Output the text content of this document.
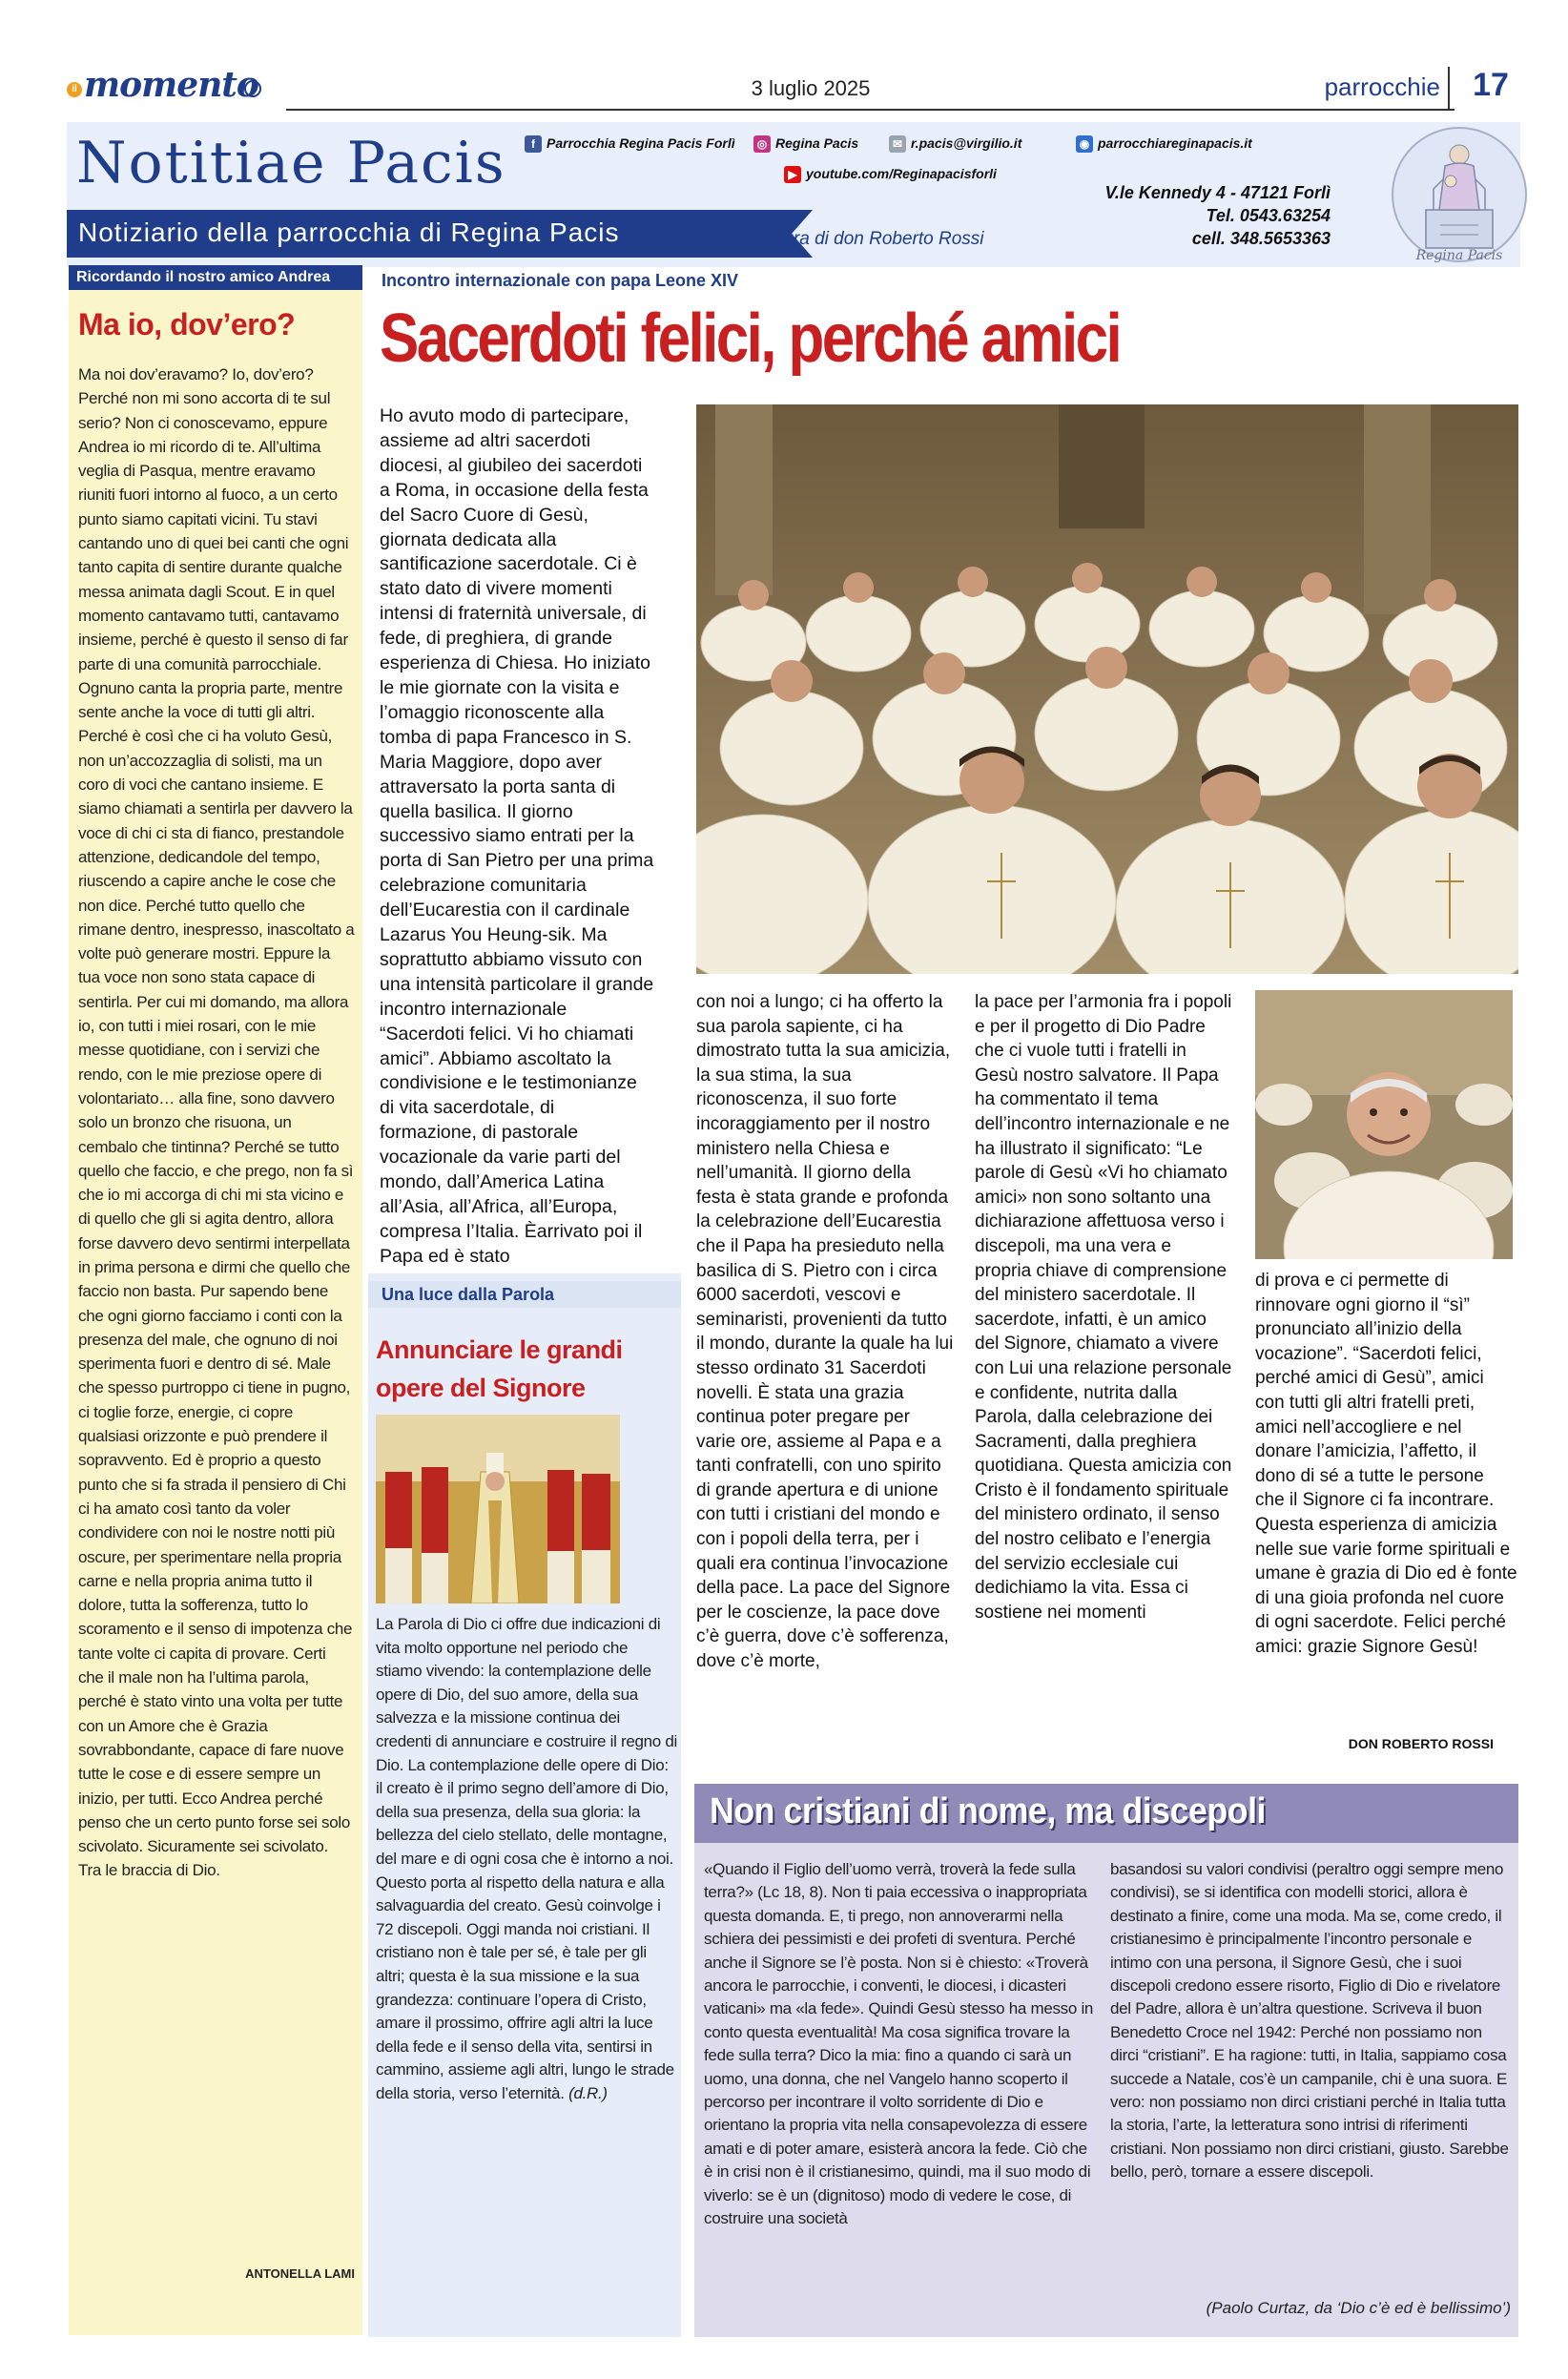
il momento	3 luglio 2025	parrocchie	17
Notitiae Pacis
Notiziario della parrocchia di Regina Pacis	a cura di don Roberto Rossi
f Parrocchia Regina Pacis Forlì	◎ Regina Pacis	✉ r.pacis@virgilio.it	◉ parrocchiareginapacis.it
▶ youtube.com/Reginapacisforli
V.le Kennedy 4 - 47121 Forlì
Tel. 0543.63254
cell. 348.5653363
Regina Pacis
Ricordando il nostro amico Andrea
Ma io, dov’ero?

Ma noi dov’eravamo? Io, dov’ero? Perché non mi sono accorta di te sul serio? Non ci conoscevamo, eppure Andrea io mi ricordo di te. All’ultima veglia di Pasqua, mentre eravamo riuniti fuori intorno al fuoco, a un certo punto siamo capitati vicini. Tu stavi cantando uno di quei bei canti che ogni tanto capita di sentire durante qualche messa animata dagli Scout. E in quel momento cantavamo tutti, cantavamo insieme, perché è questo il senso di far parte di una comunità parrocchiale. Ognuno canta la propria parte, mentre sente anche la voce di tutti gli altri. Perché è così che ci ha voluto Gesù, non un’accozzaglia di solisti, ma un coro di voci che cantano insieme. E siamo chiamati a sentirla per davvero la voce di chi ci sta di fianco, prestandole attenzione, dedicandole del tempo, riuscendo a capire anche le cose che non dice. Perché tutto quello che rimane dentro, inespresso, inascoltato a volte può generare mostri. Eppure la tua voce non sono stata capace di sentirla. Per cui mi domando, ma allora io, con tutti i miei rosari, con le mie messe quotidiane, con i servizi che rendo, con le mie preziose opere di volontariato… alla fine, sono davvero solo un bronzo che risuona, un cembalo che tintinna? Perché se tutto quello che faccio, e che prego, non fa sì che io mi accorga di chi mi sta vicino e di quello che gli si agita dentro, allora forse davvero devo sentirmi interpellata in prima persona e dirmi che quello che faccio non basta. Pur sapendo bene che ogni giorno facciamo i conti con la presenza del male, che ognuno di noi sperimenta fuori e dentro di sé. Male che spesso purtroppo ci tiene in pugno, ci toglie forze, energie, ci copre qualsiasi orizzonte e può prendere il sopravvento. Ed è proprio a questo punto che si fa strada il pensiero di Chi ci ha amato così tanto da voler condividere con noi le nostre notti più oscure, per sperimentare nella propria carne e nella propria anima tutto il dolore, tutta la sofferenza, tutto lo scoramento e il senso di impotenza che tante volte ci capita di provare. Certi che il male non ha l’ultima parola, perché è stato vinto una volta per tutte con un Amore che è Grazia sovrabbondante, capace di fare nuove tutte le cose e di essere sempre un inizio, per tutti. Ecco Andrea perché penso che un certo punto forse sei solo scivolato. Sicuramente sei scivolato. Tra le braccia di Dio.

ANTONELLA LAMI
Incontro internazionale con papa Leone XIV
Sacerdoti felici, perché amici

Ho avuto modo di partecipare, assieme ad altri sacerdoti diocesi, al giubileo dei sacerdoti a Roma, in occasione della festa del Sacro Cuore di Gesù, giornata dedicata alla santificazione sacerdotale. Ci è stato dato di vivere momenti intensi di fraternità universale, di fede, di preghiera, di grande esperienza di Chiesa. Ho iniziato le mie giornate con la visita e l’omaggio riconoscente alla tomba di papa Francesco in S. Maria Maggiore, dopo aver attraversato la porta santa di quella basilica. Il giorno successivo siamo entrati per la porta di San Pietro per una prima celebrazione comunitaria dell’Eucarestia con il cardinale Lazarus You Heung-sik. Ma soprattutto abbiamo vissuto con una intensità particolare il grande incontro internazionale “Sacerdoti felici. Vi ho chiamati amici”. Abbiamo ascoltato la condivisione e le testimonianze di vita sacerdotale, di formazione, di pastorale vocazionale da varie parti del mondo, dall’America Latina all’Asia, all’Africa, all’Europa, compresa l’Italia. Èarrivato poi il Papa ed è stato

con noi a lungo; ci ha offerto la sua parola sapiente, ci ha dimostrato tutta la sua amicizia, la sua stima, la sua riconoscenza, il suo forte incoraggiamento per il nostro ministero nella Chiesa e nell’umanità. Il giorno della festa è stata grande e profonda la celebrazione dell’Eucarestia che il Papa ha presieduto nella basilica di S. Pietro con i circa 6000 sacerdoti, vescovi e seminaristi, provenienti da tutto il mondo, durante la quale ha lui stesso ordinato 31 Sacerdoti novelli. È stata una grazia continua poter pregare per varie ore, assieme al Papa e a tanti confratelli, con uno spirito di grande apertura e di unione con tutti i cristiani del mondo e con i popoli della terra, per i quali era continua l’invocazione della pace. La pace del Signore per le coscienze, la pace dove c’è guerra, dove c’è sofferenza, dove c’è morte,

la pace per l’armonia fra i popoli e per il progetto di Dio Padre che ci vuole tutti i fratelli in Gesù nostro salvatore. Il Papa ha commentato il tema dell’incontro internazionale e ne ha illustrato il significato: “Le parole di Gesù «Vi ho chiamato amici» non sono soltanto una dichiarazione affettuosa verso i discepoli, ma una vera e propria chiave di comprensione del ministero sacerdotale. Il sacerdote, infatti, è un amico del Signore, chiamato a vivere con Lui una relazione personale e confidente, nutrita dalla Parola, dalla celebrazione dei Sacramenti, dalla preghiera quotidiana. Questa amicizia con Cristo è il fondamento spirituale del ministero ordinato, il senso del nostro celibato e l’energia del servizio ecclesiale cui dedichiamo la vita. Essa ci sostiene nei momenti

di prova e ci permette di rinnovare ogni giorno il “sì” pronunciato all’inizio della vocazione”. “Sacerdoti felici, perché amici di Gesù”, amici con tutti gli altri fratelli preti, amici nell’accogliere e nel donare l’amicizia, l’affetto, il dono di sé a tutte le persone che il Signore ci fa incontrare. Questa esperienza di amicizia nelle sue varie forme spirituali e umane è grazia di Dio ed è fonte di una gioia profonda nel cuore di ogni sacerdote. Felici perché amici: grazie Signore Gesù!

DON ROBERTO ROSSI
Una luce dalla Parola
Annunciare le grandi opere del Signore

La Parola di Dio ci offre due indicazioni di vita molto opportune nel periodo che stiamo vivendo: la contemplazione delle opere di Dio, del suo amore, della sua salvezza e la missione continua dei credenti di annunciare e costruire il regno di Dio. La contemplazione delle opere di Dio: il creato è il primo segno dell’amore di Dio, della sua presenza, della sua gloria: la bellezza del cielo stellato, delle montagne, del mare e di ogni cosa che è intorno a noi. Questo porta al rispetto della natura e alla salvaguardia del creato. Gesù coinvolge i 72 discepoli. Oggi manda noi cristiani. Il cristiano non è tale per sé, è tale per gli altri; questa è la sua missione e la sua grandezza: continuare l’opera di Cristo, amare il prossimo, offrire agli altri la luce della fede e il senso della vita, sentirsi in cammino, assieme agli altri, lungo le strade della storia, verso l’eternità. (d.R.)

Non cristiani di nome, ma discepoli

«Quando il Figlio dell’uomo verrà, troverà la fede sulla terra?» (Lc 18, 8). Non ti paia eccessiva o inappropriata questa domanda. E, ti prego, non annoverarmi nella schiera dei pessimisti e dei profeti di sventura. Perché anche il Signore se l’è posta. Non si è chiesto: «Troverà ancora le parrocchie, i conventi, le diocesi, i dicasteri vaticani» ma «la fede». Quindi Gesù stesso ha messo in conto questa eventualità! Ma cosa significa trovare la fede sulla terra? Dico la mia: fino a quando ci sarà un uomo, una donna, che nel Vangelo hanno scoperto il percorso per incontrare il volto sorridente di Dio e orientano la propria vita nella consapevolezza di essere amati e di poter amare, esisterà ancora la fede. Ciò che è in crisi non è il cristianesimo, quindi, ma il suo modo di viverlo: se è un (dignitoso) modo di vedere le cose, di costruire una società

basandosi su valori condivisi (peraltro oggi sempre meno condivisi), se si identifica con modelli storici, allora è destinato a finire, come una moda. Ma se, come credo, il cristianesimo è principalmente l’incontro personale e intimo con una persona, il Signore Gesù, che i suoi discepoli credono essere risorto, Figlio di Dio e rivelatore del Padre, allora è un’altra questione. Scriveva il buon Benedetto Croce nel 1942: Perché non possiamo non dirci “cristiani”. E ha ragione: tutti, in Italia, sappiamo cosa succede a Natale, cos’è un campanile, chi è una suora. E vero: non possiamo non dirci cristiani perché in Italia tutta la storia, l’arte, la letteratura sono intrisi di riferimenti cristiani. Non possiamo non dirci cristiani, giusto. Sarebbe bello, però, tornare a essere discepoli.

(Paolo Curtaz, da ‘Dio c’è ed è bellissimo’)
